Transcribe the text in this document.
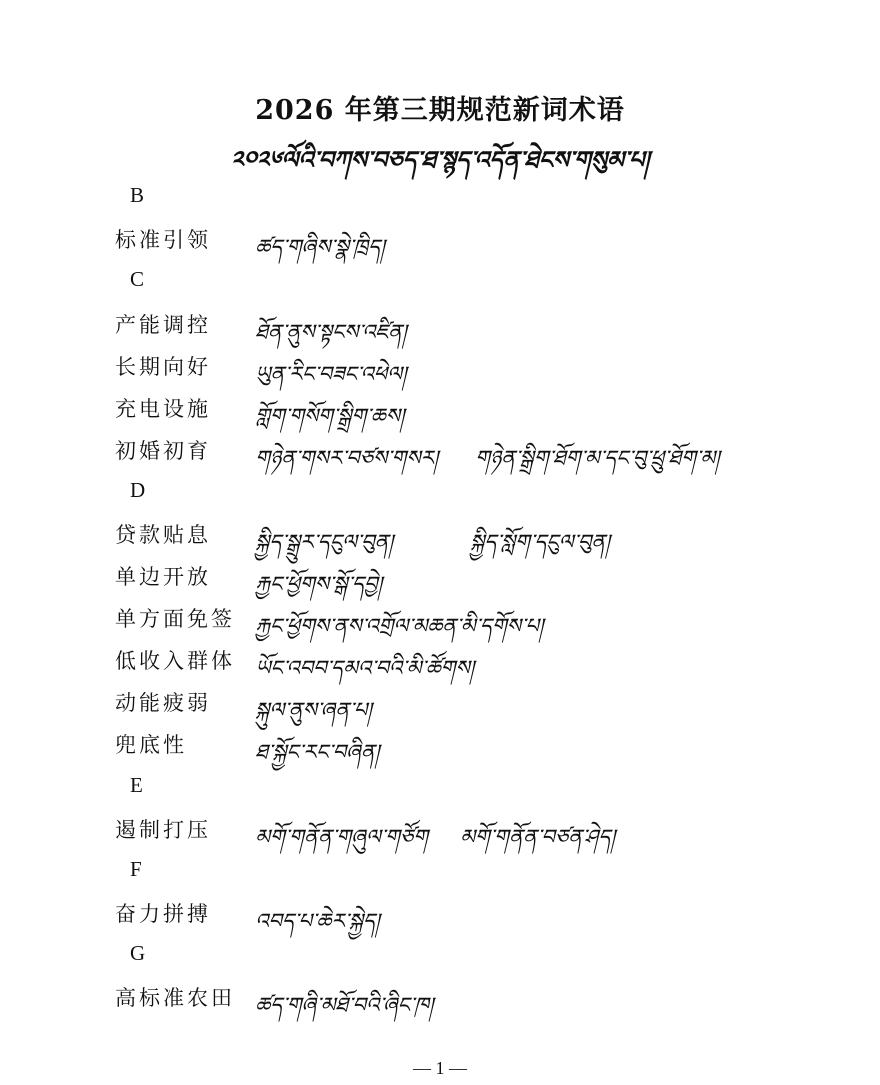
2026 年第三期规范新词术语
༢༠༢༦ལོའི་བཀས་བཅད་ཐ་སྙད་འདོན་ཐེངས་གསུམ་པ།
B
标准引领 ཚད་གཞིས་སྣེ་ཁྲིད།
C
产能调控 ཐོན་ནུས་སྟངས་འཛིན།
长期向好 ཡུན་རིང་བཟང་འཕེལ།
充电设施 གློག་གསོག་སྒྲིག་ཆས།
初婚初育 གཉེན་གསར་བཙས་གསར། གཉེན་སྒྲིག་ཐོག་མ་དང་བུ་ཕྲུ་ཐོག་མ།
D
贷款贴息 སྐྱིད་སྒྲུར་དངུལ་བུན།	སྐྱིད་སློག་དངུལ་བུན།
单边开放 རྐྱང་ཕྱོགས་སྒོ་དབྱེ།
单方面免签 རྐྱང་ཕྱོགས་ནས་འགྲོལ་མཆན་མི་དགོས་པ།
低收入群体 ཡོང་འབབ་དམའ་བའི་མི་ཚོགས།
动能疲弱 སྐུལ་ནུས་ཞན་པ།
兜底性	ཐ་སྐྱོང་རང་བཞིན།
E
遏制打压 མགོ་གནོན་གཞུལ་གཙོག མགོ་གནོན་བཙན་ཤེད།
F
奋力拼搏 འབད་པ་ཆེར་སྐྱེད།
G
高标准农田 ཚད་གཞི་མཐོ་བའི་ཞིང་ཁ།
— 1 —
